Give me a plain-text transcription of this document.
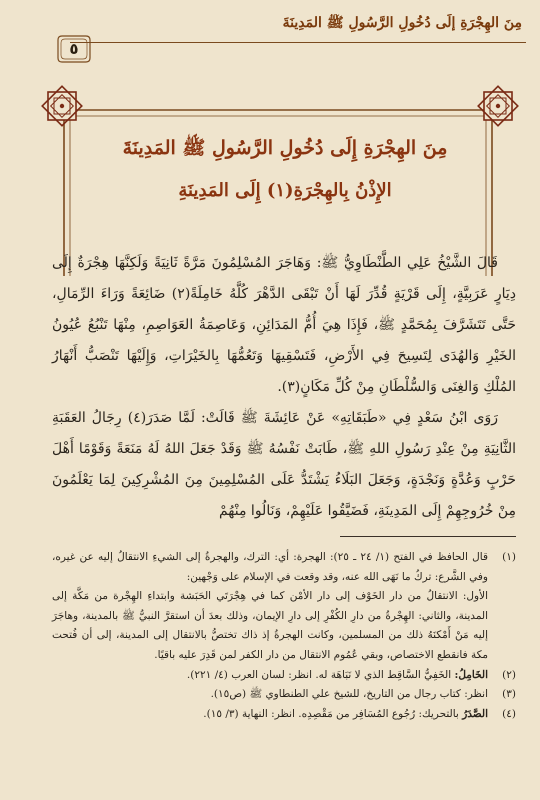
مِنَ الهِجْرَةِ إلَى دُخُولِ الرَّسُولِ ﷺ المَدِينَةَ
٥
مِنَ الهِجْرَةِ إِلَى دُخُولِ الرَّسُولِ ﷺ المَدِينَةَ
الإِذْنُ بِالهِجْرَةِ(١) إِلَى المَدِينَةِ

قَالَ الشَّيْخُ عَلِي الطَّنْطَاوِيُّ ﷺ: وَهَاجَرَ المُسْلِمُونَ مَرَّةً ثَانِيَةً وَلَكِنَّهَا هِجْرَةٌ إِلَى دِيَارٍ عَرَبِيَّةٍ، إِلَى قَرْيَةٍ قُدِّرَ لَهَا أَنْ تَبْقَى الدَّهْرَ كُلَّهُ خَامِلَةً(٢) ضَائِعَةً وَرَاءَ الرِّمَالِ، حَتَّى تَتَشَرَّفَ بِمُحَمَّدٍ ﷺ، فَإِذَا هِيَ أُمُّ المَدَائِنِ، وَعَاصِمَةُ العَوَاصِمِ، مِنْهَا تَنْبُعُ عُيُونُ الخَيْرِ وَالهُدَى لِتَسِيحَ فِي الأَرْضِ، فَتَسْقِيهَا وَتَعُمُّهَا بِالخَيْرَاتِ، وَإِلَيْهَا تَنْصَبُّ أَنْهَارُ المُلْكِ وَالغِنَى وَالسُّلْطَانِ مِنْ كُلِّ مَكَانٍ(٣).

رَوَى ابْنُ سَعْدٍ فِي «طَبَقَاتِهِ» عَنْ عَائِشَةَ ﷺ قَالَتْ: لَمَّا صَدَرَ(٤) رِجَالُ العَقَبَةِ الثَّانِيَةِ مِنْ عِنْدِ رَسُولِ اللهِ ﷺ، طَابَتْ نَفْسُهُ ﷺ وَقَدْ جَعَلَ اللهُ لَهُ مَنَعَةً وَقَوْمًا أَهْلَ حَرْبٍ وَعُدَّةٍ وَنَجْدَةٍ، وَجَعَلَ البَلَاءُ يَشْتَدُّ عَلَى المُسْلِمِينَ مِنَ المُشْرِكِينَ لِمَا يَعْلَمُونَ مِنْ خُرُوجِهِمْ إِلَى المَدِينَةِ، فَضَيَّقُوا عَلَيْهِمْ، وَنَالُوا مِنْهُمْ

(١)
قال الحافظ في الفتح (١/ ٢٤ ـ ٢٥): الهجرة: أي: الترك، والهجرةُ إلى الشيءِ الانتقالُ إليه عن غيره، وفي الشَّرع: تركُ ما نَهَى الله عنه، وقد وقعت في الإسلام على وَجْهين:
الأول: الانتقالُ من دار الخَوْف إلى دار الأمْن كما في هِجْرَتَي الحَبَشة وابتداءِ الهِجْرة من مَكَّة إلى المدينة، والثاني: الهِجْرةُ من دارِ الكُفْرِ إلى دارِ الإيمان، وذلك بعدَ أن استقرَّ النبيُّ ﷺ بالمدينة، وهاجَرَ إليه مَنْ أَمْكنَهُ ذلك من المسلمين، وكانت الهجرةُ إذ ذاك تختصُّ بالانتقال إلى المدينة، إلى أن فُتحت مكة فانقطع الاختصاص، وبقي عُمُوم الانتقال من دار الكفر لمن قَدِرَ عليه باقيًا.
(٢)
الخَامِلُ: الخَفِيُّ السَّاقِط الذي لا نَبَاهَة له. انظر: لسان العرب (٤/ ٢٢١).
(٣)
انظر: كتاب رجال من التاريخ، للشيخ علي الطنطاوي ﷺ (ص١٥).
(٤)
الصَّدَرُ بالتحريك: رُجُوع المُسَافِر من مَقْصِدِه. انظر: النهاية (٣/ ١٥).
